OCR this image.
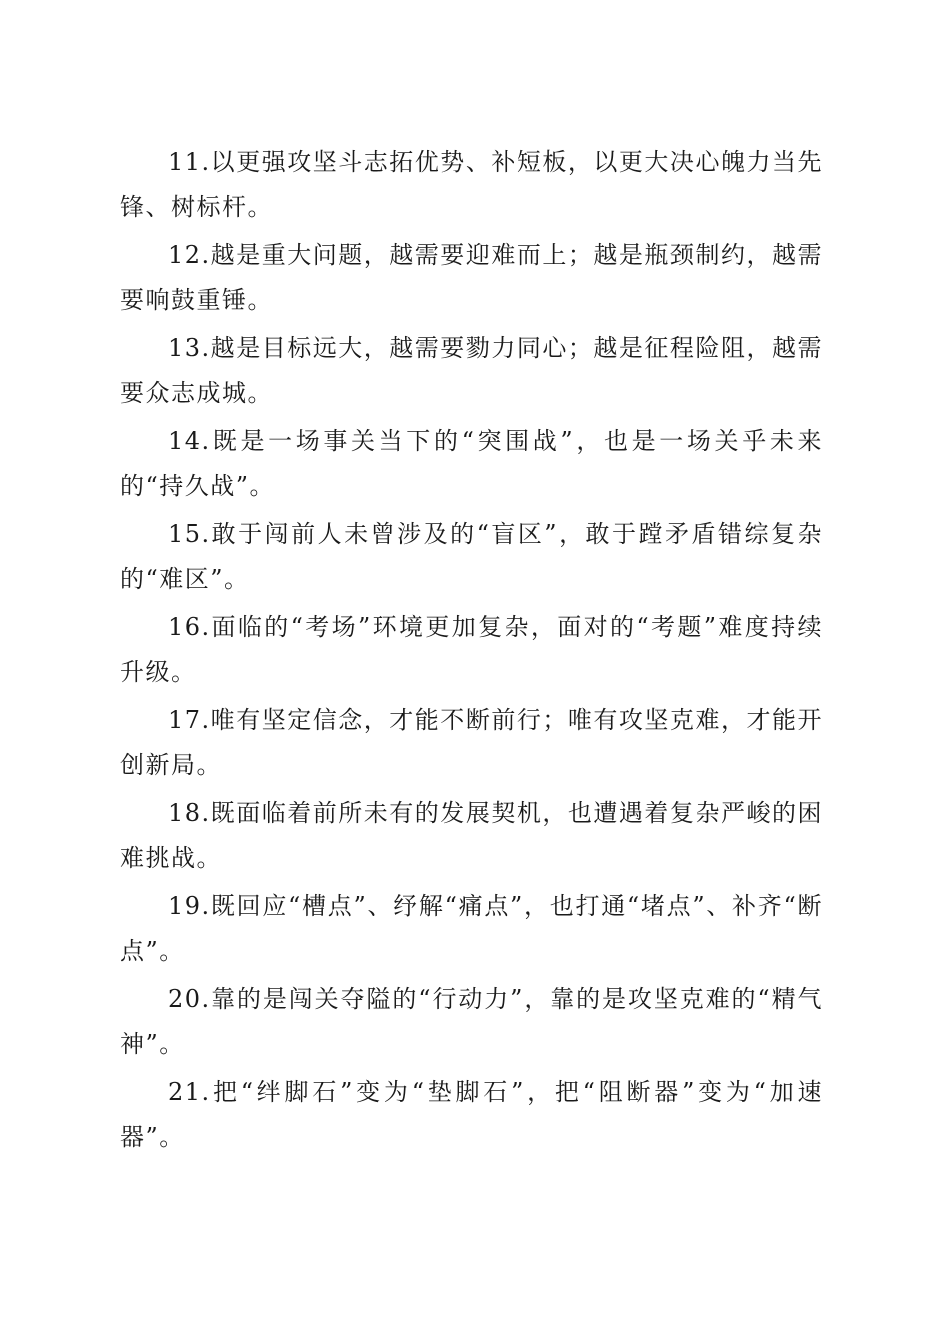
11.以更强攻坚斗志拓优势、补短板，以更大决心魄力当先锋、树标杆。

12.越是重大问题，越需要迎难而上；越是瓶颈制约，越需要响鼓重锤。

13.越是目标远大，越需要勠力同心；越是征程险阻，越需要众志成城。

14.既是一场事关当下的“突围战”，也是一场关乎未来的“持久战”。

15.敢于闯前人未曾涉及的“盲区”，敢于蹚矛盾错综复杂的“难区”。

16.面临的“考场”环境更加复杂，面对的“考题”难度持续升级。

17.唯有坚定信念，才能不断前行；唯有攻坚克难，才能开创新局。

18.既面临着前所未有的发展契机，也遭遇着复杂严峻的困难挑战。

19.既回应“槽点”、纾解“痛点”，也打通“堵点”、补齐“断点”。

20.靠的是闯关夺隘的“行动力”，靠的是攻坚克难的“精气神”。

21.把“绊脚石”变为“垫脚石”，把“阻断器”变为“加速器”。
